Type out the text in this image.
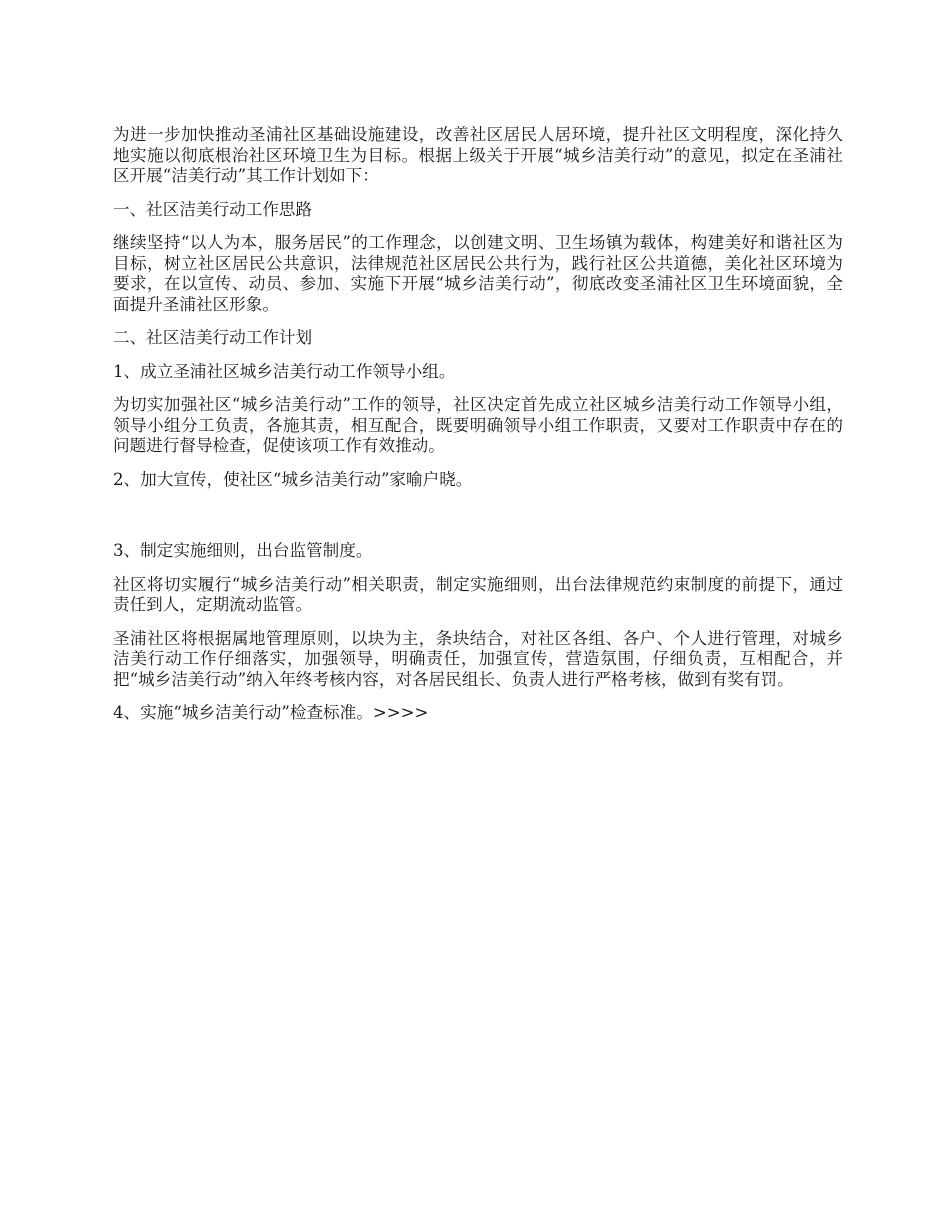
为进一步加快推动圣浦社区基础设施建设，改善社区居民人居环境，提升社区文明程度，深化持久地实施以彻底根治社区环境卫生为目标。根据上级关于开展“城乡洁美行动”的意见，拟定在圣浦社区开展“洁美行动”其工作计划如下：

一、社区洁美行动工作思路

继续坚持“以人为本，服务居民”的工作理念，以创建文明、卫生场镇为载体，构建美好和谐社区为目标，树立社区居民公共意识，法律规范社区居民公共行为，践行社区公共道德，美化社区环境为要求，在以宣传、动员、参加、实施下开展“城乡洁美行动”，彻底改变圣浦社区卫生环境面貌，全面提升圣浦社区形象。

二、社区洁美行动工作计划

1、成立圣浦社区城乡洁美行动工作领导小组。

为切实加强社区“城乡洁美行动”工作的领导，社区决定首先成立社区城乡洁美行动工作领导小组，领导小组分工负责，各施其责，相互配合，既要明确领导小组工作职责，又要对工作职责中存在的问题进行督导检查，促使该项工作有效推动。

2、加大宣传，使社区“城乡洁美行动”家喻户晓。

3、制定实施细则，出台监管制度。

社区将切实履行“城乡洁美行动”相关职责，制定实施细则，出台法律规范约束制度的前提下，通过责任到人，定期流动监管。

圣浦社区将根据属地管理原则，以块为主，条块结合，对社区各组、各户、个人进行管理，对城乡洁美行动工作仔细落实，加强领导，明确责任，加强宣传，营造氛围，仔细负责，互相配合，并把“城乡洁美行动”纳入年终考核内容，对各居民组长、负责人进行严格考核，做到有奖有罚。

4、实施“城乡洁美行动”检查标准。>>>>
